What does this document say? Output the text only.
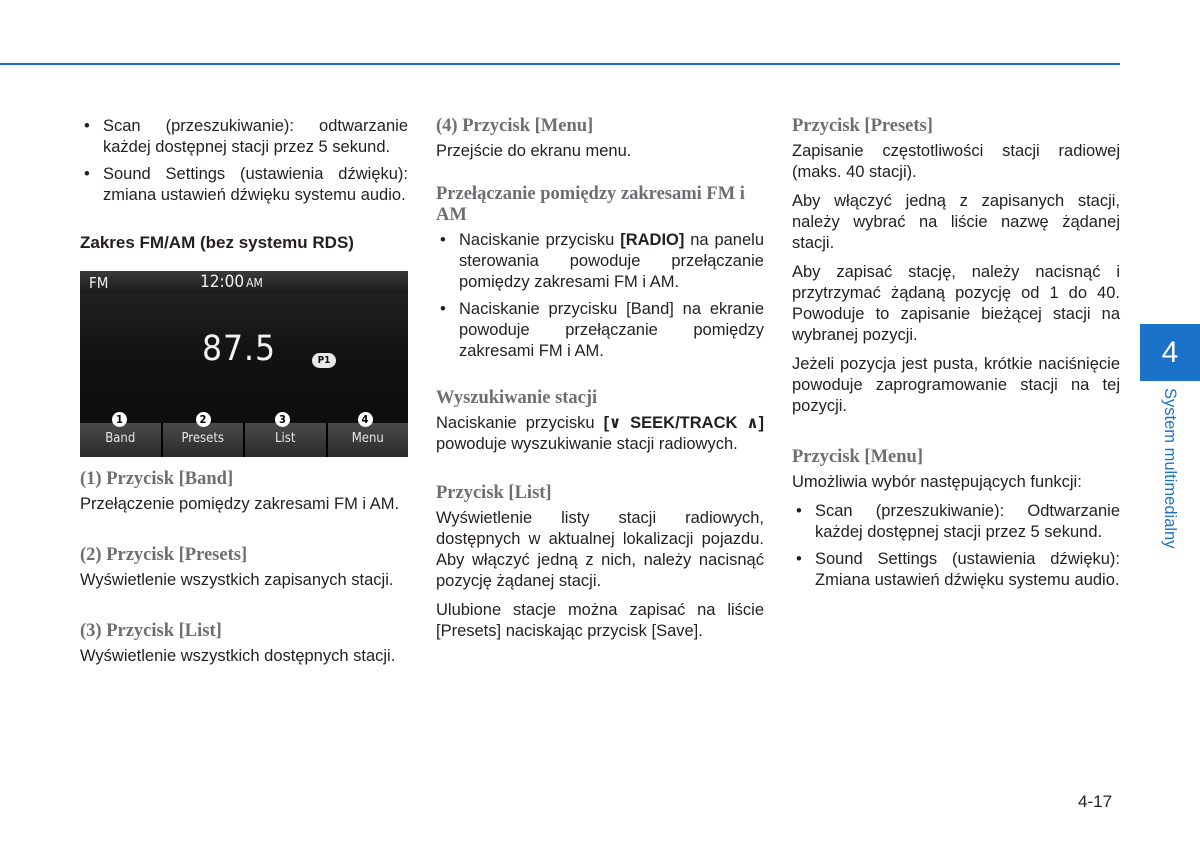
• Scan (przeszukiwanie): odtwarzanie każdej dostępnej stacji przez 5 sekund.
• Sound Settings (ustawienia dźwięku): zmiana ustawień dźwięku systemu audio.
Zakres FM/AM (bez systemu RDS)
FM	12:00 AM
87.5	P1
1
Band
2
Presets
3
List
4
Menu
(1) Przycisk [Band]

Przełączenie pomiędzy zakresami FM i AM.

(2) Przycisk [Presets]

Wyświetlenie wszystkich zapisanych stacji.

(3) Przycisk [List]

Wyświetlenie wszystkich dostępnych stacji.

(4) Przycisk [Menu]

Przejście do ekranu menu.

Przełączanie pomiędzy zakresami FM i AM
• Naciskanie przycisku [RADIO] na panelu sterowania powoduje przełączanie pomiędzy zakresami FM i AM.
• Naciskanie przycisku [Band] na ekranie powoduje przełączanie pomiędzy zakresami FM i AM.
Wyszukiwanie stacji

Naciskanie przycisku [∨ SEEK/TRACK ∧] powoduje wyszukiwanie stacji radiowych.

Przycisk [List]

Wyświetlenie listy stacji radiowych, dostępnych w aktualnej lokalizacji pojazdu. Aby włączyć jedną z nich, należy nacisnąć pozycję żądanej stacji.

Ulubione stacje można zapisać na liście [Presets] naciskając przycisk [Save].

Przycisk [Presets]

Zapisanie częstotliwości stacji radiowej (maks. 40 stacji).

Aby włączyć jedną z zapisanych stacji, należy wybrać na liście nazwę żądanej stacji.

Aby zapisać stację, należy nacisnąć i przytrzymać żądaną pozycję od 1 do 40. Powoduje to zapisanie bieżącej stacji na wybranej pozycji.

Jeżeli pozycja jest pusta, krótkie naciśnięcie powoduje zaprogramowanie stacji na tej pozycji.

Przycisk [Menu]

Umożliwia wybór następujących funkcji:

• Scan (przeszukiwanie): Odtwarzanie każdej dostępnej stacji przez 5 sekund.
• Sound Settings (ustawienia dźwięku): Zmiana ustawień dźwięku systemu audio.
4
System multimedialny
4-17
